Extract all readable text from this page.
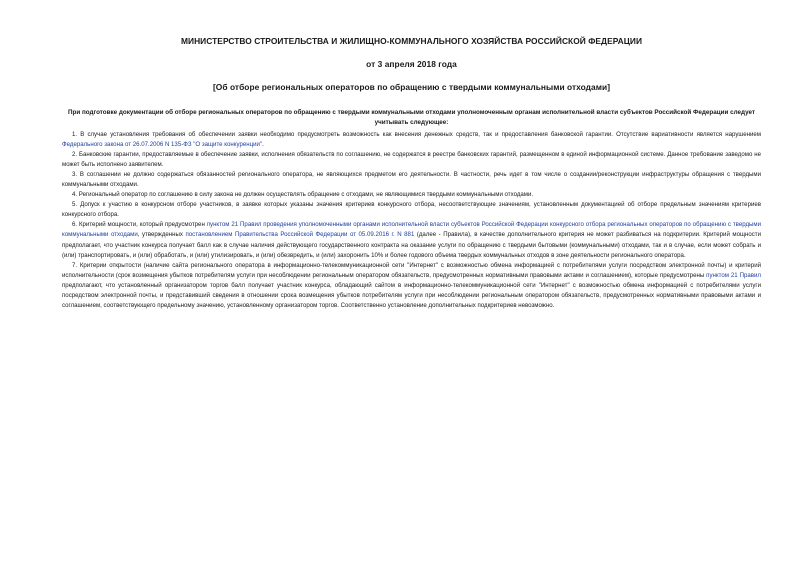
МИНИСТЕРСТВО СТРОИТЕЛЬСТВА И ЖИЛИЩНО-КОММУНАЛЬНОГО ХОЗЯЙСТВА РОССИЙСКОЙ ФЕДЕРАЦИИ
от 3 апреля 2018 года
[Об отборе региональных операторов по обращению с твердыми коммунальными отходами]
При подготовке документации об отборе региональных операторов по обращению с твердыми коммунальными отходами уполномоченным органам исполнительной власти субъектов Российской Федерации следует учитывать следующее:

1. В случае установления требования об обеспечении заявки необходимо предусмотреть возможность как внесения денежных средств, так и предоставления банковской гарантии. Отсутствие вариативности является нарушением Федерального закона от 26.07.2006 N 135-ФЗ "О защите конкуренции".

2. Банковские гарантии, предоставляемые в обеспечение заявки, исполнения обязательств по соглашению, не содержатся в реестре банковских гарантий, размещенном в единой информационной системе. Данное требование заведомо не может быть исполнено заявителем.

3. В соглашении не должно содержаться обязанностей регионального оператора, не являющихся предметом его деятельности. В частности, речь идет в том числе о создании/реконструкции инфраструктуры обращения с твердыми коммунальными отходами.

4. Региональный оператор по соглашению в силу закона не должен осуществлять обращение с отходами, не являющимися твердыми коммунальными отходами.

5. Допуск к участию в конкурсном отборе участников, в заявке которых указаны значения критериев конкурсного отбора, несоответствующие значениям, установленным документацией об отборе предельным значениям критериев конкурсного отбора.

6. Критерий мощности, который предусмотрен пунктом 21 Правил проведения уполномоченными органами исполнительной власти субъектов Российской Федерации конкурсного отбора региональных операторов по обращению с твердыми коммунальными отходами, утвержденных постановлением Правительства Российской Федерации от 05.09.2016 г. N 881 (далее - Правила), в качестве дополнительного критерия не может разбиваться на подкритерии. Критерий мощности предполагает, что участник конкурса получает балл как в случае наличия действующего государственного контракта на оказание услуги по обращению с твердыми бытовыми (коммунальными) отходами, так и в случае, если может собрать и (или) транспортировать, и (или) обработать, и (или) утилизировать, и (или) обезвредить, и (или) захоронить 10% и более годового объема твердых коммунальных отходов в зоне деятельности регионального оператора.

7. Критерии открытости (наличие сайта регионального оператора в информационно-телекоммуникационной сети "Интернет" с возможностью обмена информацией с потребителями услуги посредством электронной почты) и критерий исполнительности (срок возмещения убытков потребителям услуги при несоблюдении региональным оператором обязательств, предусмотренных нормативными правовыми актами и соглашением), которые предусмотрены пунктом 21 Правил предполагают, что установленный организатором торгов балл получает участник конкурса, обладающий сайтом в информационно-телекоммуникационной сети "Интернет" с возможностью обмена информацией с потребителями услуги посредством электронной почты, и представивший сведения в отношении срока возмещения убытков потребителям услуги при несоблюдении региональным оператором обязательств, предусмотренных нормативными правовыми актами и соглашением, соответствующего предельному значению, установленному организатором торгов. Соответственно установление дополнительных подкритериев невозможно.
